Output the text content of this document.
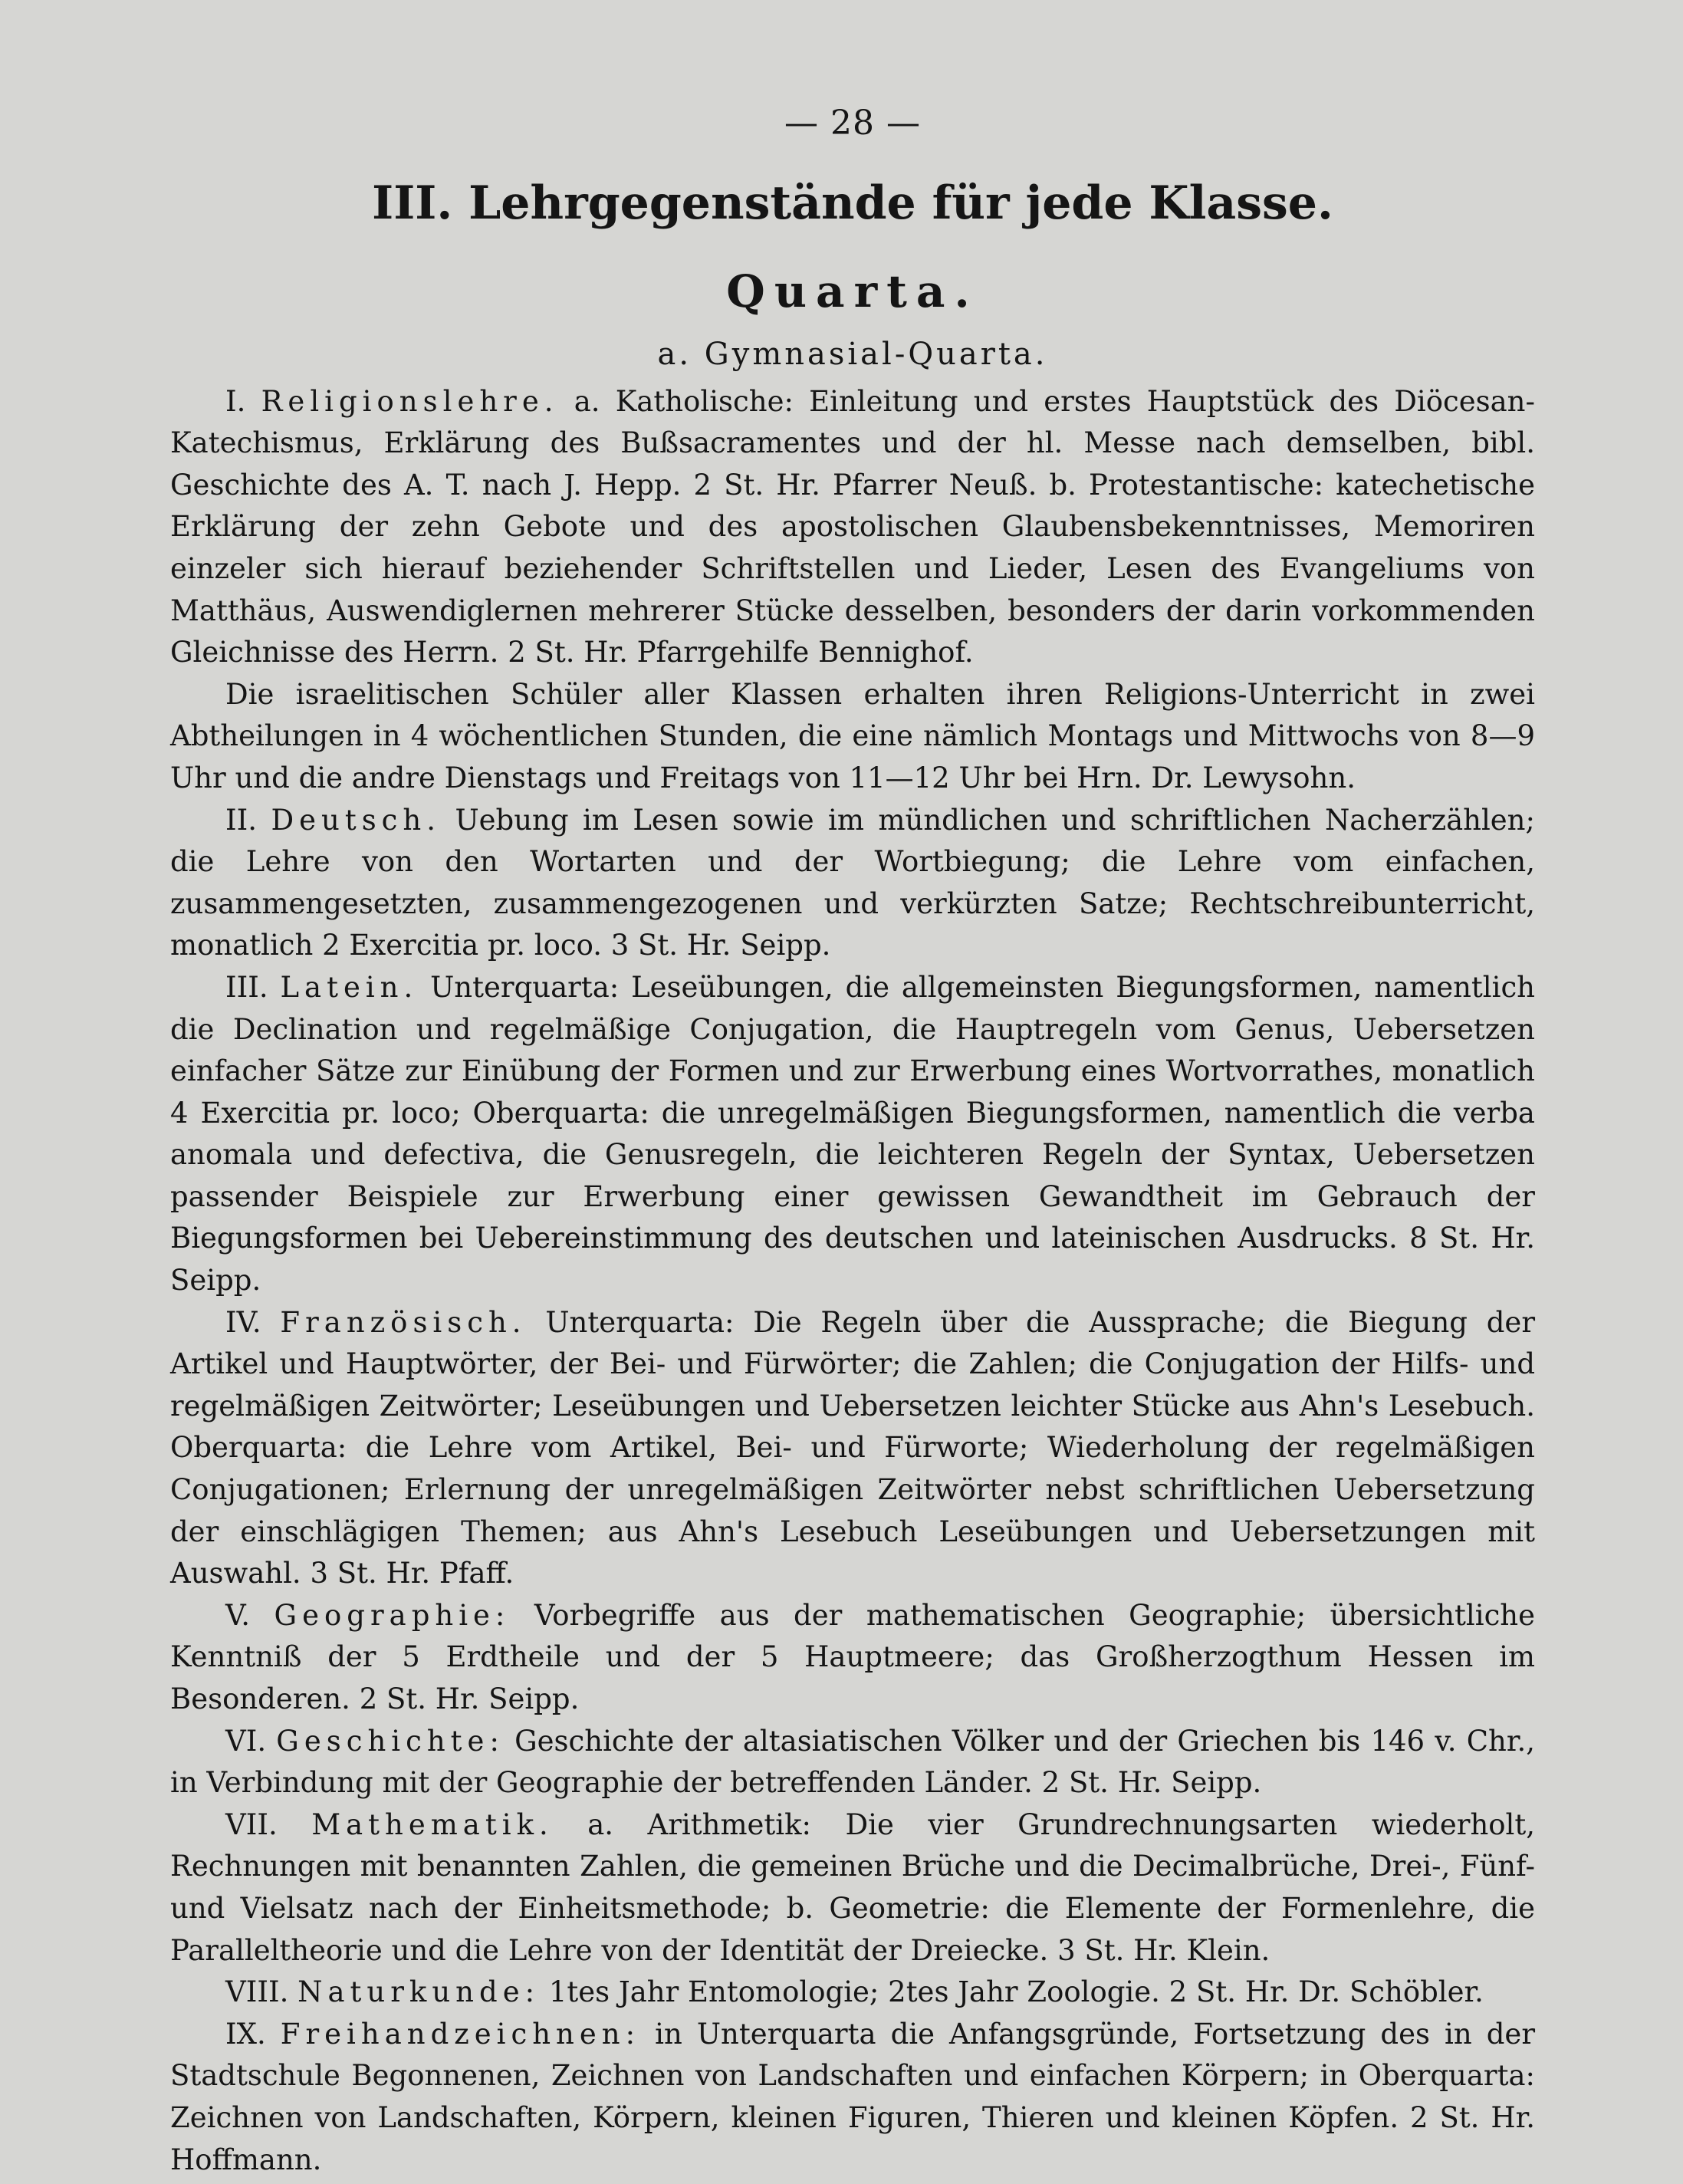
— 28 —
III. Lehrgegenstände für jede Klasse.
Quarta.
a. Gymnasial-Quarta.

I. Religionslehre. a. Katholische: Einleitung und erstes Hauptstück des Diöcesan-Katechismus, Erklärung des Bußsacramentes und der hl. Messe nach demselben, bibl. Geschichte des A. T. nach J. Hepp. 2 St. Hr. Pfarrer Neuß. b. Protestantische: katechetische Erklärung der zehn Gebote und des apostolischen Glaubensbekenntnisses, Memoriren einzeler sich hierauf beziehender Schriftstellen und Lieder, Lesen des Evangeliums von Matthäus, Auswendiglernen mehrerer Stücke desselben, besonders der darin vorkommenden Gleichnisse des Herrn. 2 St. Hr. Pfarrgehilfe Bennighof.

Die israelitischen Schüler aller Klassen erhalten ihren Religions-Unterricht in zwei Abtheilungen in 4 wöchentlichen Stunden, die eine nämlich Montags und Mittwochs von 8—9 Uhr und die andre Dienstags und Freitags von 11—12 Uhr bei Hrn. Dr. Lewysohn.

II. Deutsch. Uebung im Lesen sowie im mündlichen und schriftlichen Nacherzählen; die Lehre von den Wortarten und der Wortbiegung; die Lehre vom einfachen, zusammengesetzten, zusammengezogenen und verkürzten Satze; Rechtschreibunterricht, monatlich 2 Exercitia pr. loco. 3 St. Hr. Seipp.

III. Latein. Unterquarta: Leseübungen, die allgemeinsten Biegungsformen, namentlich die Declination und regelmäßige Conjugation, die Hauptregeln vom Genus, Uebersetzen einfacher Sätze zur Einübung der Formen und zur Erwerbung eines Wortvorrathes, monatlich 4 Exercitia pr. loco; Oberquarta: die unregelmäßigen Biegungsformen, namentlich die verba anomala und defectiva, die Genusregeln, die leichteren Regeln der Syntax, Uebersetzen passender Beispiele zur Erwerbung einer gewissen Gewandtheit im Gebrauch der Biegungsformen bei Uebereinstimmung des deutschen und lateinischen Ausdrucks. 8 St. Hr. Seipp.

IV. Französisch. Unterquarta: Die Regeln über die Aussprache; die Biegung der Artikel und Hauptwörter, der Bei- und Fürwörter; die Zahlen; die Conjugation der Hilfs- und regelmäßigen Zeitwörter; Leseübungen und Uebersetzen leichter Stücke aus Ahn's Lesebuch. Oberquarta: die Lehre vom Artikel, Bei- und Fürworte; Wiederholung der regelmäßigen Conjugationen; Erlernung der unregelmäßigen Zeitwörter nebst schriftlichen Uebersetzung der einschlägigen Themen; aus Ahn's Lesebuch Leseübungen und Uebersetzungen mit Auswahl. 3 St. Hr. Pfaff.

V. Geographie: Vorbegriffe aus der mathematischen Geographie; übersichtliche Kenntniß der 5 Erdtheile und der 5 Hauptmeere; das Großherzogthum Hessen im Besonderen. 2 St. Hr. Seipp.

VI. Geschichte: Geschichte der altasiatischen Völker und der Griechen bis 146 v. Chr., in Verbindung mit der Geographie der betreffenden Länder. 2 St. Hr. Seipp.

VII. Mathematik. a. Arithmetik: Die vier Grundrechnungsarten wiederholt, Rechnungen mit benannten Zahlen, die gemeinen Brüche und die Decimalbrüche, Drei-, Fünf- und Vielsatz nach der Einheitsmethode; b. Geometrie: die Elemente der Formenlehre, die Paralleltheorie und die Lehre von der Identität der Dreiecke. 3 St. Hr. Klein.

VIII. Naturkunde: 1tes Jahr Entomologie; 2tes Jahr Zoologie. 2 St. Hr. Dr. Schöbler.

IX. Freihandzeichnen: in Unterquarta die Anfangsgründe, Fortsetzung des in der Stadtschule Begonnenen, Zeichnen von Landschaften und einfachen Körpern; in Oberquarta: Zeichnen von Landschaften, Körpern, kleinen Figuren, Thieren und kleinen Köpfen. 2 St. Hr. Hoffmann.
